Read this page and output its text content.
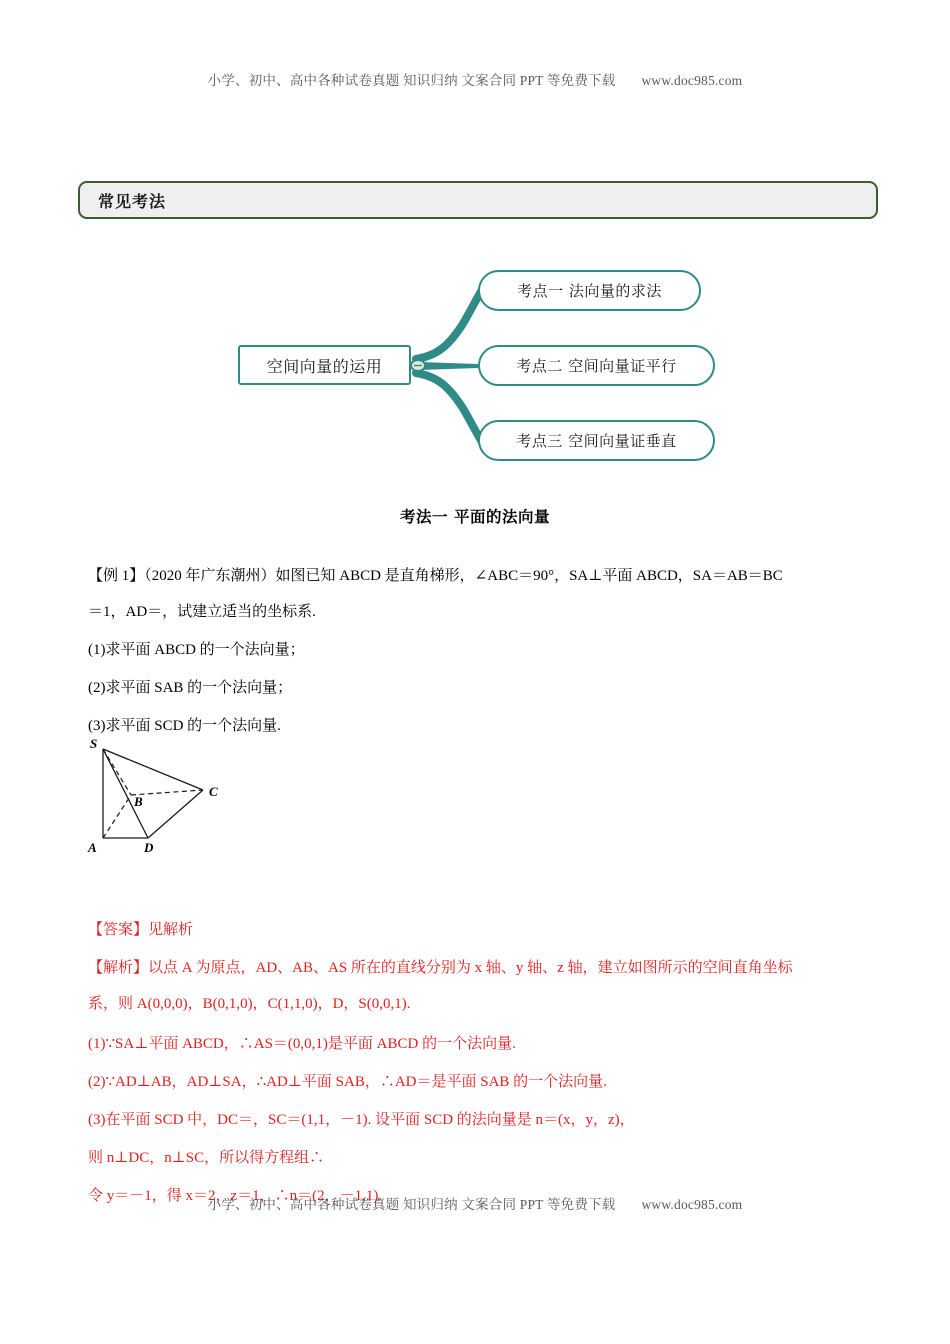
小学、初中、高中各种试卷真题 知识归纳 文案合同 PPT 等免费下载 www.doc985.com
常见考法
空间向量的运用
考点一 法向量的求法
考点二 空间向量证平行
考点三 空间向量证垂直
考法一 平面的法向量
【例 1】（2020 年广东潮州）如图已知 ABCD 是直角梯形，∠ABC＝90°，SA⊥平面 ABCD，SA＝AB＝BC
＝1，AD＝，试建立适当的坐标系.
(1)求平面 ABCD 的一个法向量；
(2)求平面 SAB 的一个法向量；
(3)求平面 SCD 的一个法向量.
S
B
C
A	D
【答案】见解析
【解析】以点 A 为原点，AD、AB、AS 所在的直线分别为 x 轴、y 轴、z 轴，建立如图所示的空间直角坐标
系，则 A(0,0,0)，B(0,1,0)，C(1,1,0)，D，S(0,0,1).
(1)∵SA⊥平面 ABCD，∴AS＝(0,0,1)是平面 ABCD 的一个法向量.
(2)∵AD⊥AB，AD⊥SA，∴AD⊥平面 SAB，∴AD＝是平面 SAB 的一个法向量.
(3)在平面 SCD 中，DC＝，SC＝(1,1，－1). 设平面 SCD 的法向量是 n＝(x，y，z)，
则 n⊥DC，n⊥SC，所以得方程组∴
令 y＝－1，得 x＝2，z＝1，∴n＝(2，－1,1).
小学、初中、高中各种试卷真题 知识归纳 文案合同 PPT 等免费下载 www.doc985.com
